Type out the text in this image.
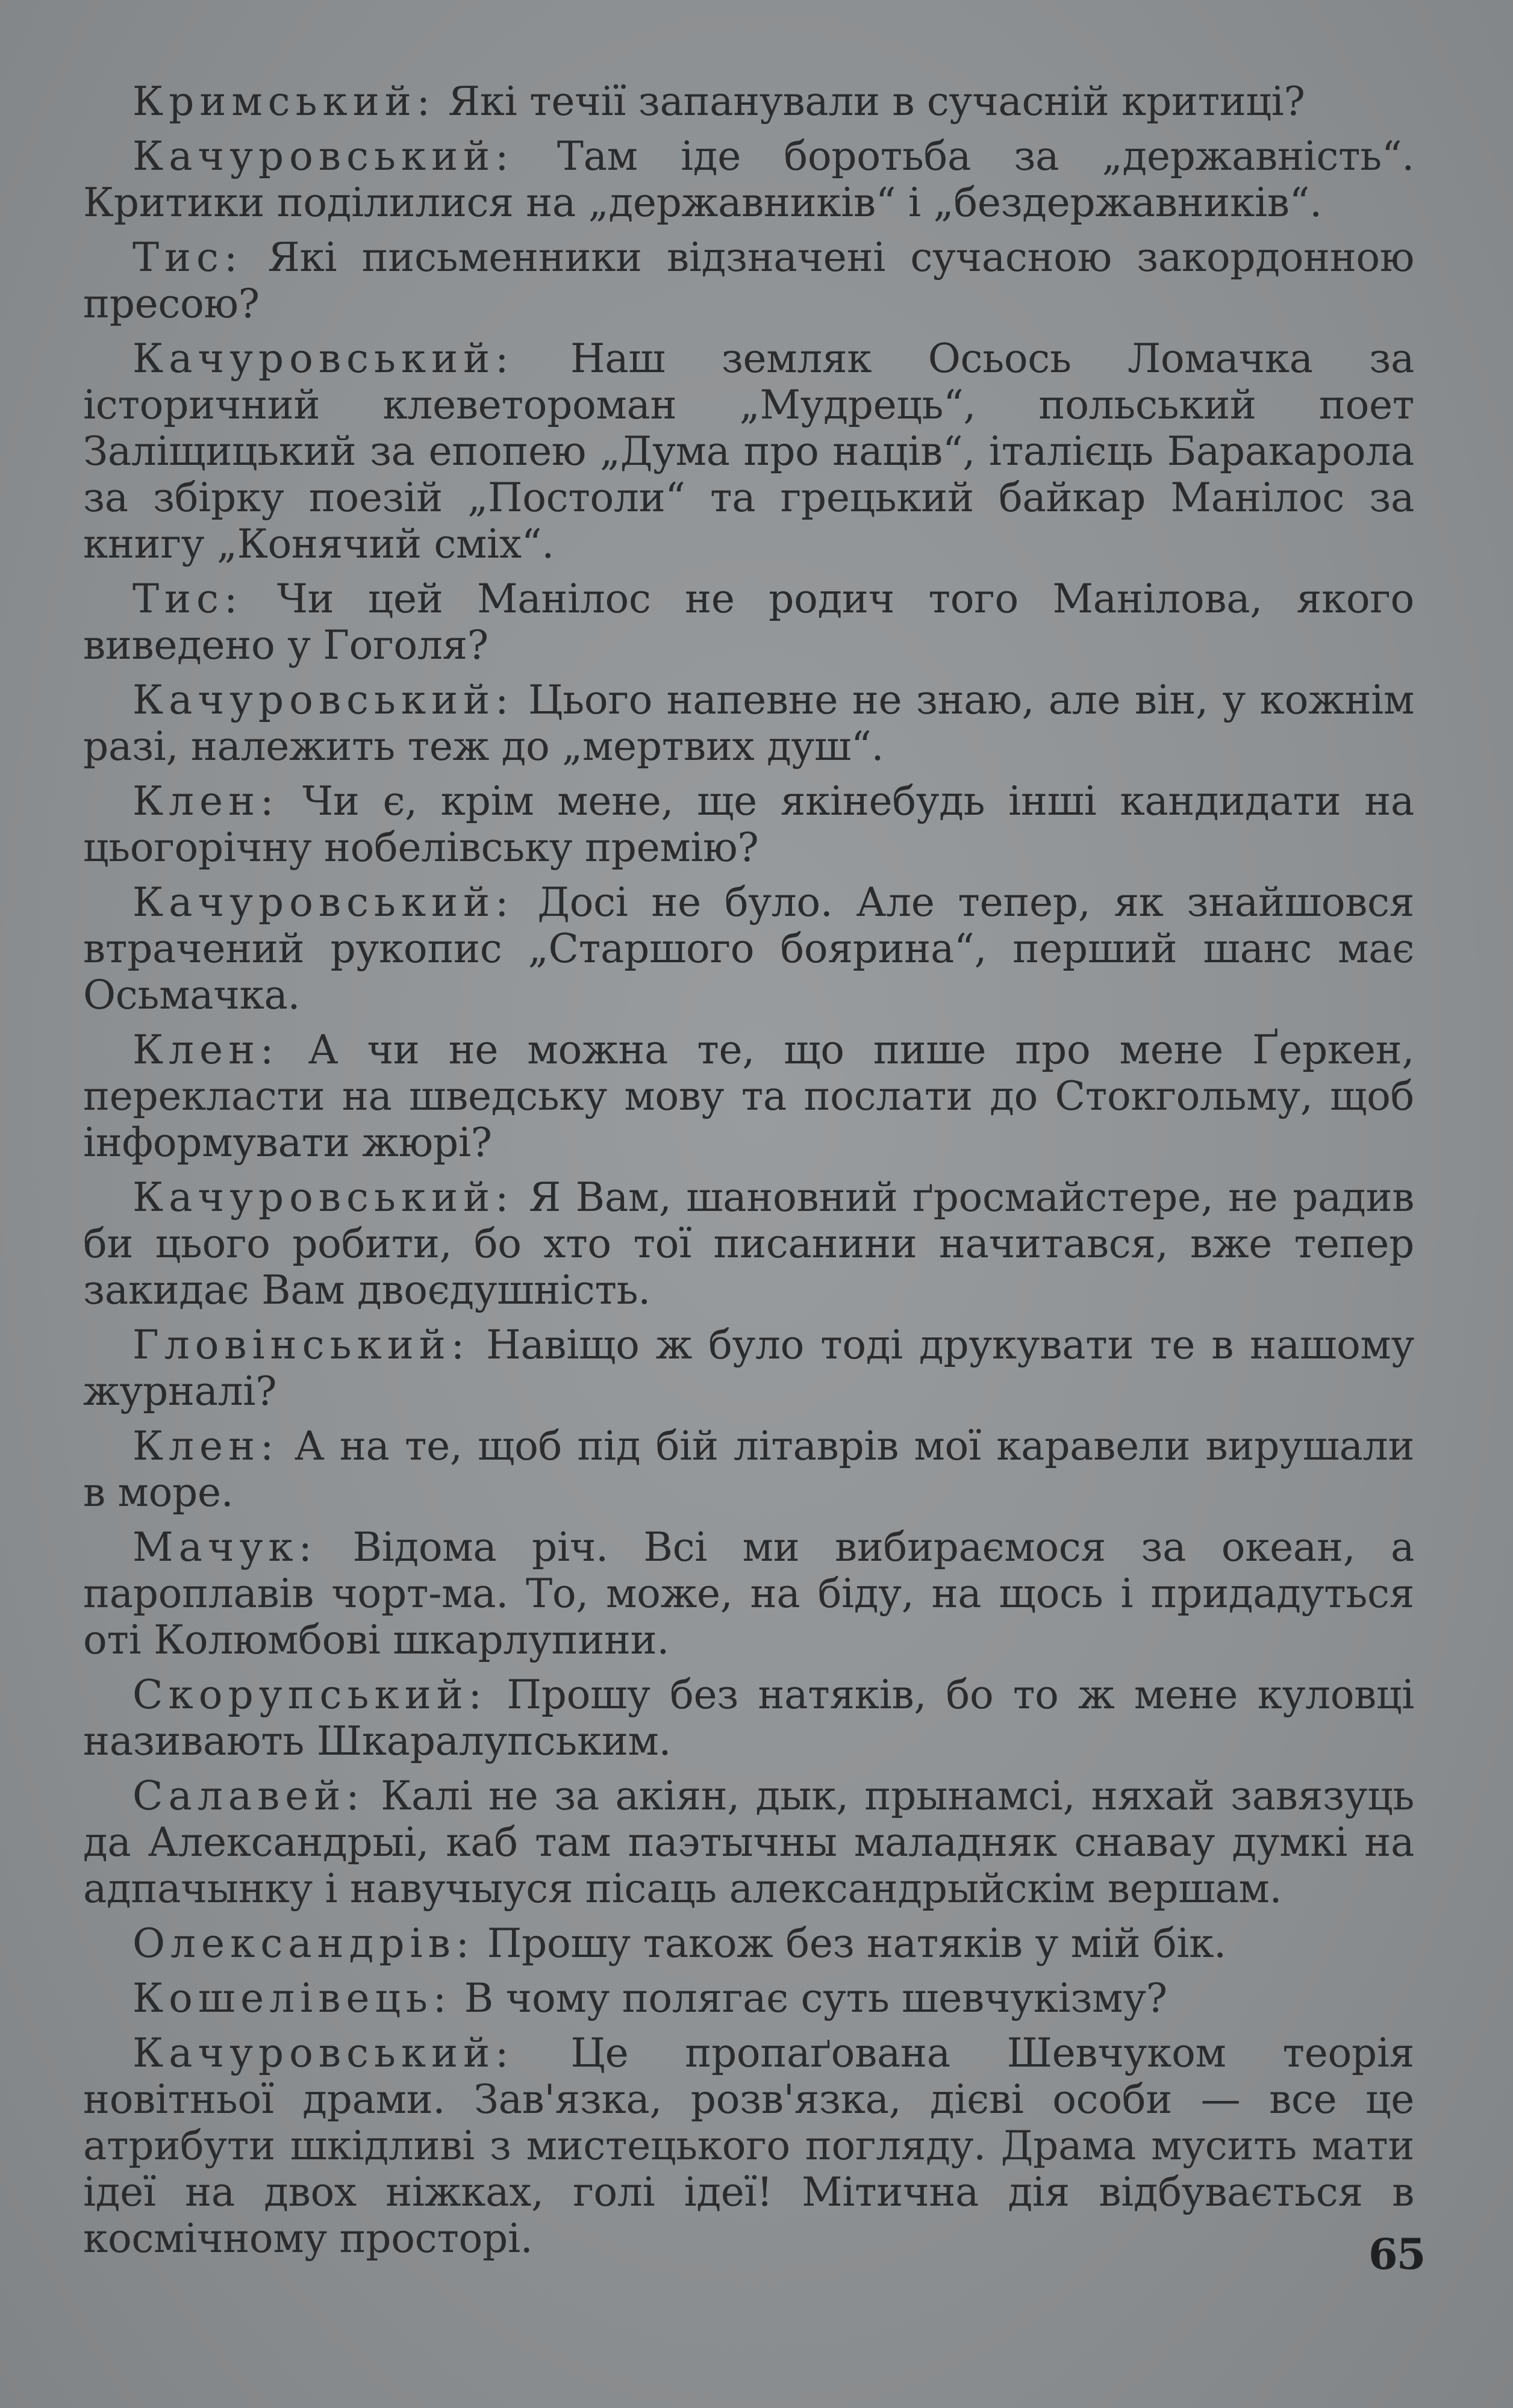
Кримський: Які течії запанували в сучасній критиці?

Качуровський: Там іде боротьба за „державність“. Критики поділилися на „державників“ і „бездержавників“.

Тис: Які письменники відзначені сучасною закордонною пресою?

Качуровський: Наш земляк Осьось Ломачка за історичний клеветороман „Мудрець“, польський поет Заліщицький за епопею „Дума про наців“, італієць Баракарола за збірку поезій „Постоли“ та грецький байкар Манілос за книгу „Конячий сміх“.

Тис: Чи цей Манілос не родич того Манілова, якого виведено у Гоголя?

Качуровський: Цього напевне не знаю, але він, у кожнім разі, належить теж до „мертвих душ“.

Клен: Чи є, крім мене, ще якінебудь інші кандидати на цьогорічну нобелівську премію?

Качуровський: Досі не було. Але тепер, як знайшовся втрачений рукопис „Старшого боярина“, перший шанс має Осьмачка.

Клен: А чи не можна те, що пише про мене Ґеркен, перекласти на шведську мову та послати до Стокгольму, щоб інформувати жюрі?

Качуровський: Я Вам, шановний ґросмайстере, не радив би цього робити, бо хто тої писанини начитався, вже тепер закидає Вам двоєдушність.

Гловінський: Навіщо ж було тоді друкувати те в нашому журналі?

Клен: А на те, щоб під бій літаврів мої каравели вирушали в море.

Мачук: Відома річ. Всі ми вибираємося за океан, а пароплавів чорт-ма. То, може, на біду, на щось і придадуться оті Колюмбові шкарлупини.

Скорупський: Прошу без натяків, бо то ж мене куловці називають Шкаралупським.

Салавей: Калі не за акіян, дык, прынамсі, няхай завязуць да Александрыі, каб там паэтычны маладняк снавау думкі на адпачынку і навучыуся пісаць александрыйскім вершам.

Олександрів: Прошу також без натяків у мій бік.

Кошелівець: В чому полягає суть шевчукізму?

Качуровський: Це пропаґована Шевчуком теорія новітньої драми. Зав'язка, розв'язка, дієві особи — все це атрибути шкідливі з мистецького погляду. Драма мусить мати ідеї на двох ніжках, голі ідеї! Мітична дія відбувається в космічному просторі.	65
